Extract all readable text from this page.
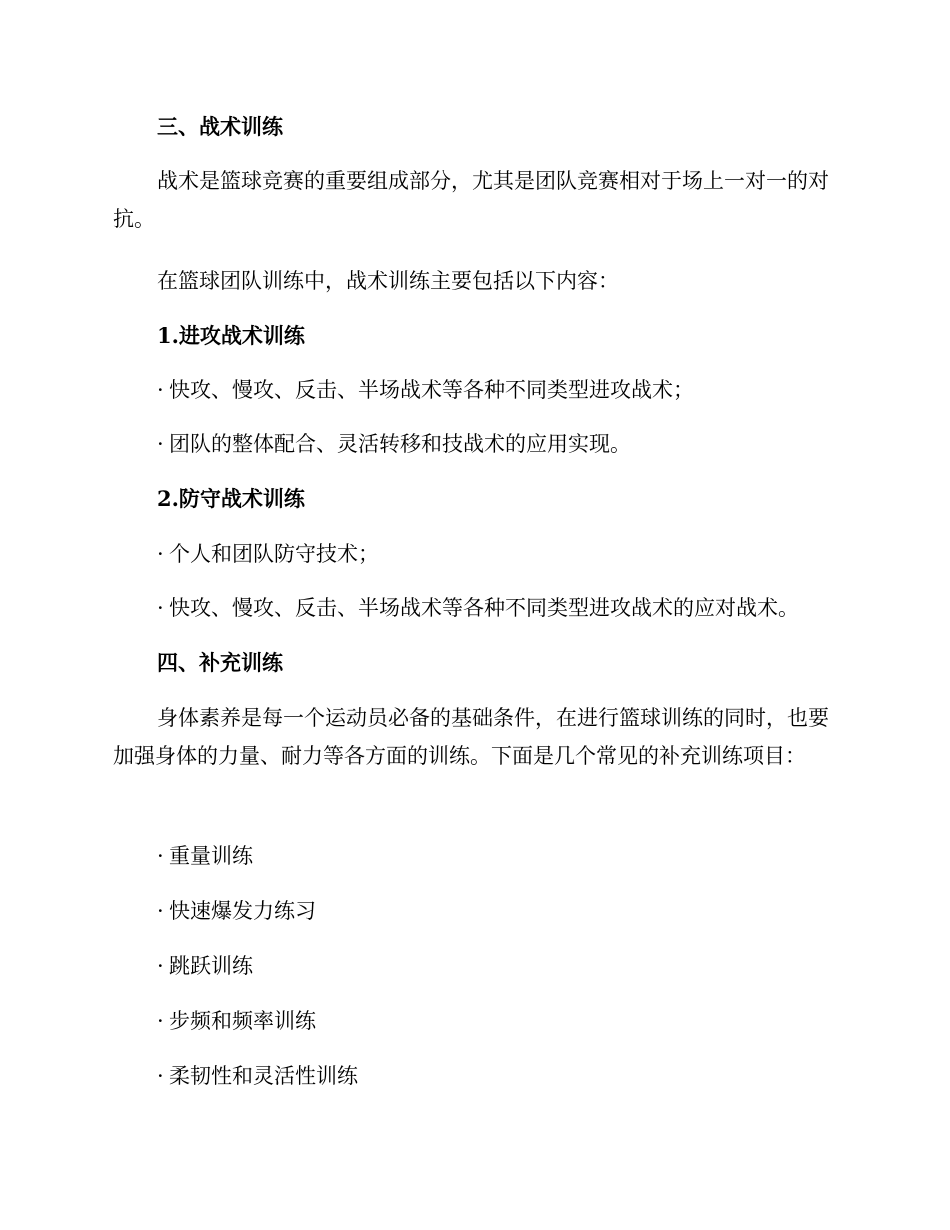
三、战术训练
战术是篮球竞赛的重要组成部分，尤其是团队竞赛相对于场上一对一的对抗。
在篮球团队训练中，战术训练主要包括以下内容：
1.进攻战术训练
· 快攻、慢攻、反击、半场战术等各种不同类型进攻战术；
· 团队的整体配合、灵活转移和技战术的应用实现。
2.防守战术训练
· 个人和团队防守技术；
· 快攻、慢攻、反击、半场战术等各种不同类型进攻战术的应对战术。
四、补充训练
身体素养是每一个运动员必备的基础条件，在进行篮球训练的同时，也要加强身体的力量、耐力等各方面的训练。下面是几个常见的补充训练项目：
· 重量训练
· 快速爆发力练习
· 跳跃训练
· 步频和频率训练
· 柔韧性和灵活性训练
